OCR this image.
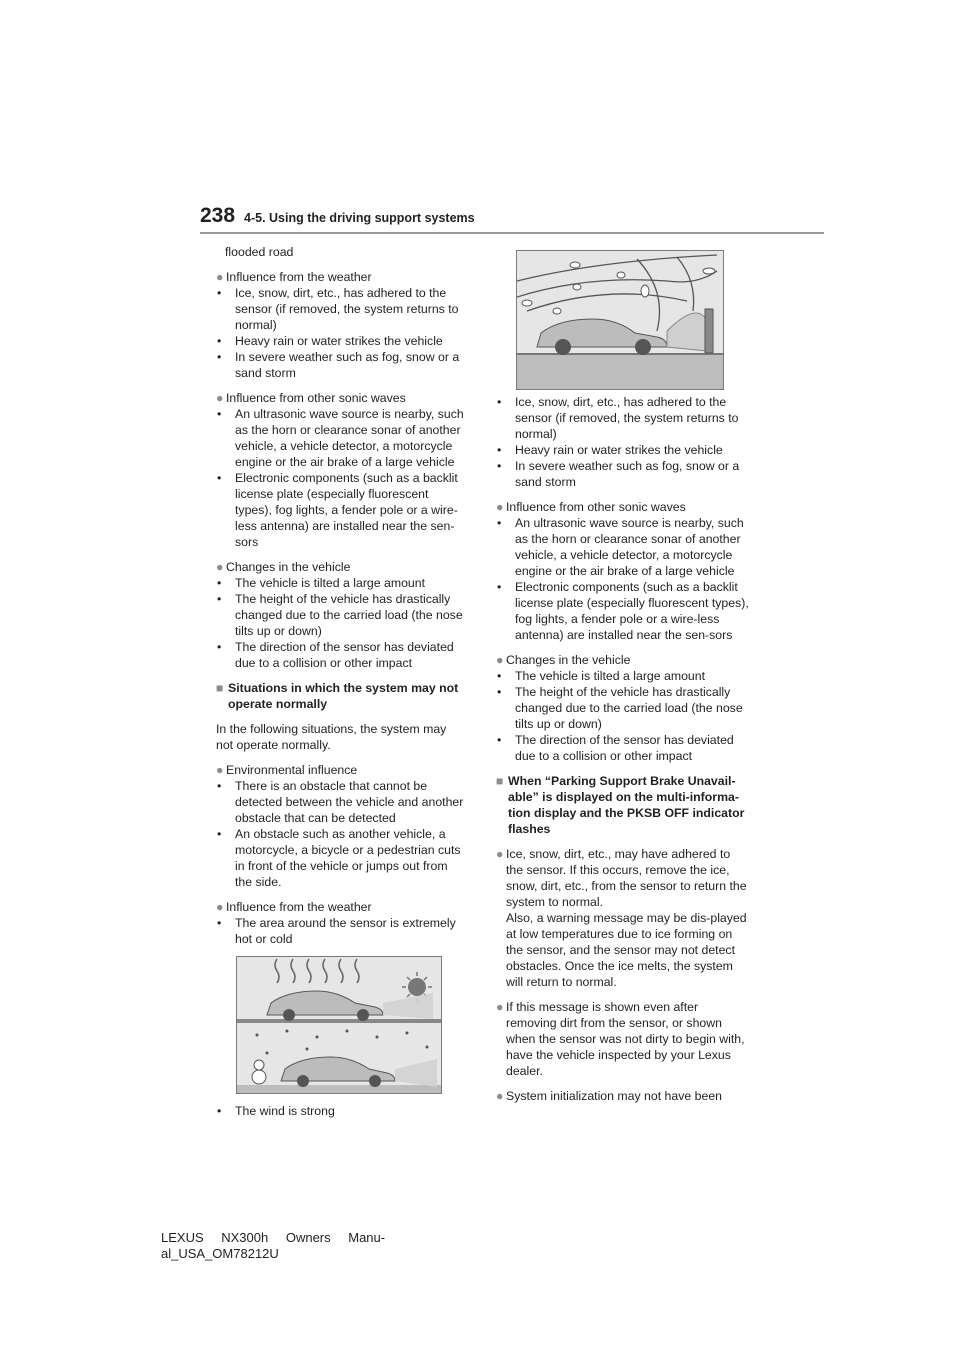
238 4-5. Using the driving support systems

flooded road

● Influence from the weather

• Ice, snow, dirt, etc., has adhered to the sensor (if removed, the system returns to normal)

• Heavy rain or water strikes the vehicle

• In severe weather such as fog, snow or a sand storm

● Influence from other sonic waves

• An ultrasonic wave source is nearby, such as the horn or clearance sonar of another vehicle, a vehicle detector, a motorcycle engine or the air brake of a large vehicle

• Electronic components (such as a backlit license plate (especially fluorescent types), fog lights, a fender pole or a wire-less antenna) are installed near the sen-sors

● Changes in the vehicle

• The vehicle is tilted a large amount

• The height of the vehicle has drastically changed due to the carried load (the nose tilts up or down)

• The direction of the sensor has deviated due to a collision or other impact

■ Situations in which the system may not operate normally

In the following situations, the system may not operate normally.

● Environmental influence

• There is an obstacle that cannot be detected between the vehicle and another obstacle that can be detected

• An obstacle such as another vehicle, a motorcycle, a bicycle or a pedestrian cuts in front of the vehicle or jumps out from the side.

● Influence from the weather

• The area around the sensor is extremely hot or cold

• The wind is strong

• Ice, snow, dirt, etc., has adhered to the sensor (if removed, the system returns to normal)

• Heavy rain or water strikes the vehicle

• In severe weather such as fog, snow or a sand storm

● Influence from other sonic waves

• An ultrasonic wave source is nearby, such as the horn or clearance sonar of another vehicle, a vehicle detector, a motorcycle engine or the air brake of a large vehicle

• Electronic components (such as a backlit license plate (especially fluorescent types), fog lights, a fender pole or a wire-less antenna) are installed near the sen-sors

● Changes in the vehicle

• The vehicle is tilted a large amount

• The height of the vehicle has drastically changed due to the carried load (the nose tilts up or down)

• The direction of the sensor has deviated due to a collision or other impact

■ When “Parking Support Brake Unavail-able” is displayed on the multi-informa-tion display and the PKSB OFF indicator flashes

● Ice, snow, dirt, etc., may have adhered to the sensor. If this occurs, remove the ice, snow, dirt, etc., from the sensor to return the system to normal.

Also, a warning message may be dis-played at low temperatures due to ice forming on the sensor, and the sensor may not detect obstacles. Once the ice melts, the system will return to normal.

● If this message is shown even after removing dirt from the sensor, or shown when the sensor was not dirty to begin with, have the vehicle inspected by your Lexus dealer.

● System initialization may not have been

LEXUS NX300h Owners Manu-
al_USA_OM78212U
